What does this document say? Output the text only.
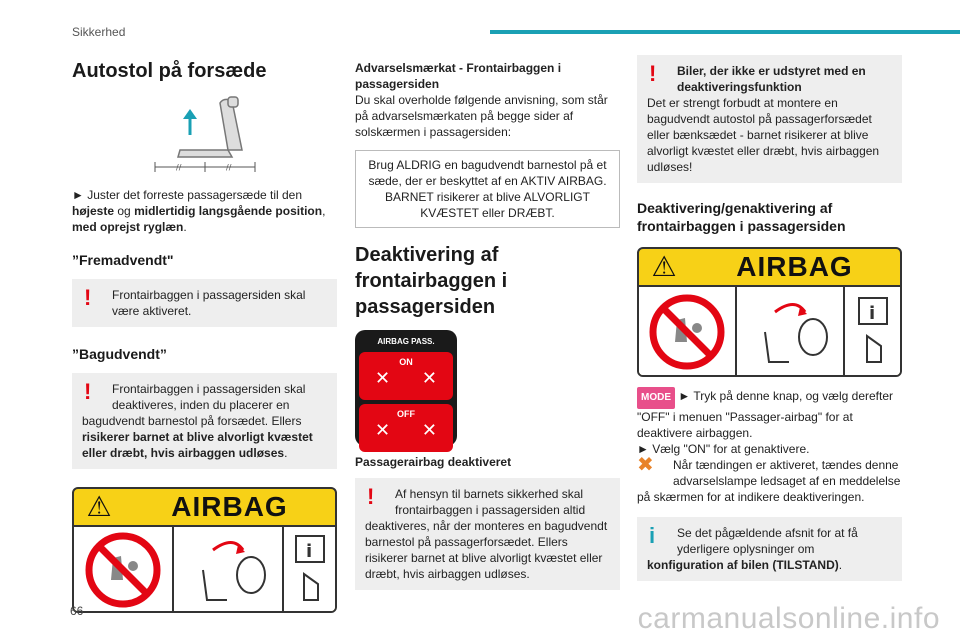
Sikkerhed
Autostol på forsæde
//	//

► Juster det forreste passagersæde til den højeste og midlertidig langsgående position, med oprejst ryglæn.

”Fremadvendt"
!	Frontairbaggen i passagersiden skal være aktiveret.
”Bagudvendt”
!	Frontairbaggen i passagersiden skal deaktiveres, inden du placerer en
bagudvendt barnestol på forsædet. Ellers risikerer barnet at blive alvorligt kvæstet eller dræbt, hvis airbaggen udløses.
⚠	AIRBAG
i

Advarselsmærkat - Frontairbaggen i passagersiden

Du skal overholde følgende anvisning, som står på advarselsmærkaten på begge sider af solskærmen i passagersiden:

Brug ALDRIG en bagudvendt barnestol på et sæde, der er beskyttet af en AKTIV AIRBAG. BARNET risikerer at blive ALVORLIGT KVÆSTET eller DRÆBT.
Deaktivering af frontairbaggen i passagersiden
AIRBAG PASS.
ON
✕ ✕
OFF
✕ ✕

Passagerairbag deaktiveret

!	Af hensyn til barnets sikkerhed skal frontairbaggen i passagersiden altid
deaktiveres, når der monteres en bagudvendt barnestol på passagerforsædet. Ellers risikerer barnet at blive alvorligt kvæstet eller dræbt, hvis airbaggen udløses.
!	Biler, der ikke er udstyret med en deaktiveringsfunktion
Det er strengt forbudt at montere en bagudvendt autostol på passagerforsædet eller bænksædet - barnet risikerer at blive alvorligt kvæstet eller dræbt, hvis airbaggen udløses!
Deaktivering/genaktivering af frontairbaggen i passagersiden
⚠	AIRBAG
i

MODE ► Tryk på denne knap, og vælg derefter "OFF" i menuen "Passager-airbag" for at deaktivere airbaggen.

► Vælg "ON" for at genaktivere.

✖	Når tændingen er aktiveret, tændes denne advarselslampe ledsaget af en meddelelse på skærmen for at indikere deaktiveringen.

i	Se det pågældende afsnit for at få yderligere oplysninger om
konfiguration af bilen (TILSTAND).
66	carmanualsonline.info
